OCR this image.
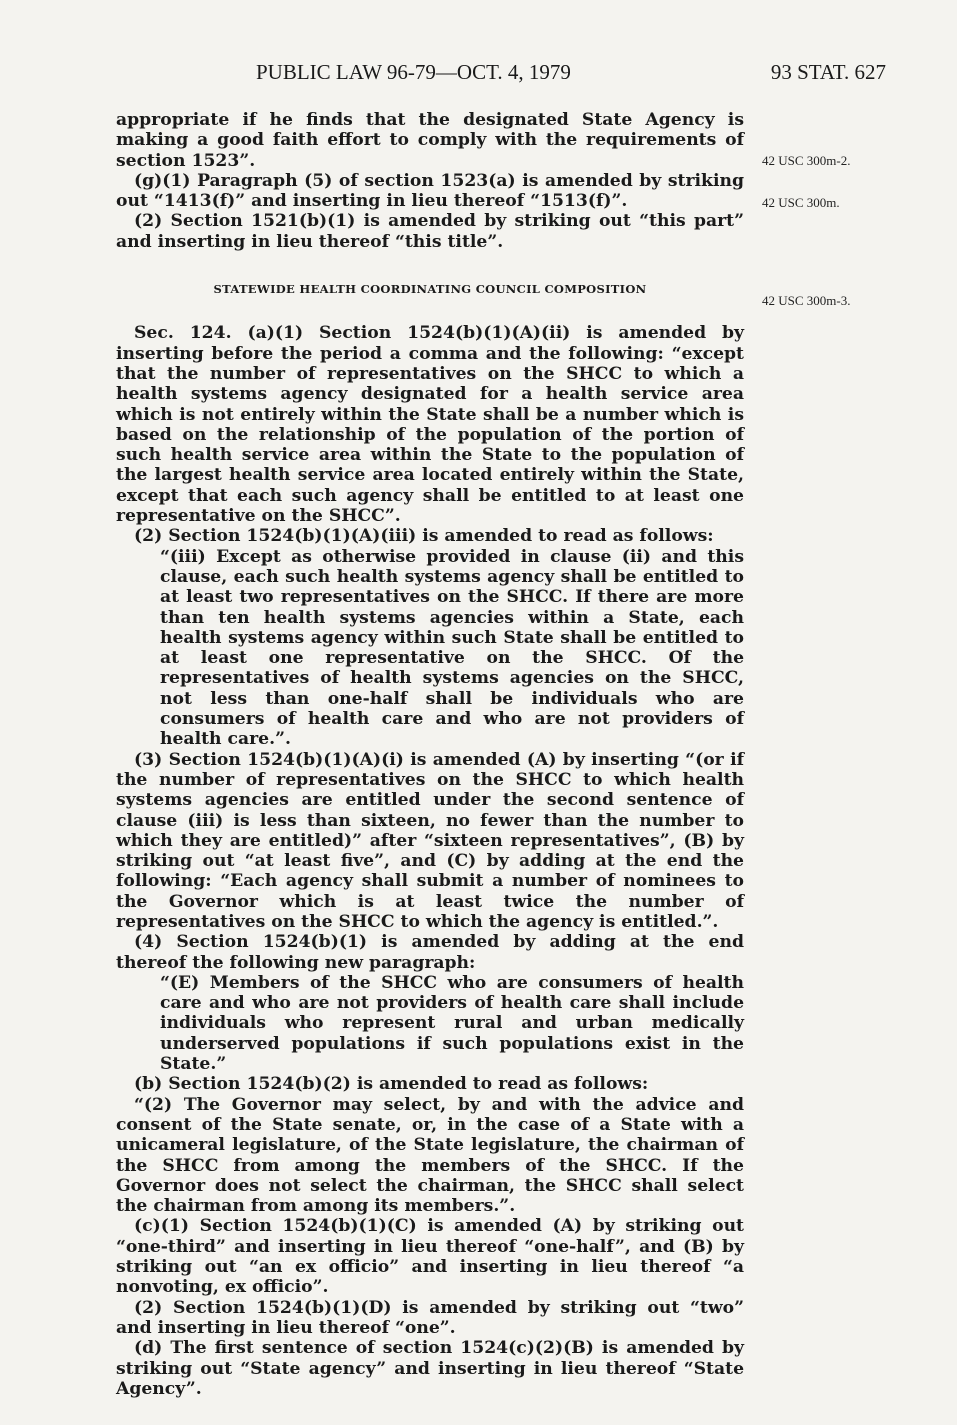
PUBLIC LAW 96-79—OCT. 4, 1979	93 STAT. 627
42 USC 300m-2.
42 USC 300m.
42 USC 300m-3.

appropriate if he finds that the designated State Agency is making a good faith effort to comply with the requirements of section 1523”.

(g)(1) Paragraph (5) of section 1523(a) is amended by striking out “1413(f)” and inserting in lieu thereof “1513(f)”.

(2) Section 1521(b)(1) is amended by striking out “this part” and inserting in lieu thereof “this title”.

STATEWIDE HEALTH COORDINATING COUNCIL COMPOSITION

Sec. 124. (a)(1) Section 1524(b)(1)(A)(ii) is amended by inserting before the period a comma and the following: “except that the number of representatives on the SHCC to which a health systems agency designated for a health service area which is not entirely within the State shall be a number which is based on the relationship of the population of the portion of such health service area within the State to the population of the largest health service area located entirely within the State, except that each such agency shall be entitled to at least one representative on the SHCC”.

(2) Section 1524(b)(1)(A)(iii) is amended to read as follows:

“(iii) Except as otherwise provided in clause (ii) and this clause, each such health systems agency shall be entitled to at least two representatives on the SHCC. If there are more than ten health systems agencies within a State, each health systems agency within such State shall be entitled to at least one representative on the SHCC. Of the representatives of health systems agencies on the SHCC, not less than one-half shall be individuals who are consumers of health care and who are not providers of health care.”.

(3) Section 1524(b)(1)(A)(i) is amended (A) by inserting “(or if the number of representatives on the SHCC to which health systems agencies are entitled under the second sentence of clause (iii) is less than sixteen, no fewer than the number to which they are entitled)” after “sixteen representatives”, (B) by striking out “at least five”, and (C) by adding at the end the following: “Each agency shall submit a number of nominees to the Governor which is at least twice the number of representatives on the SHCC to which the agency is entitled.”.

(4) Section 1524(b)(1) is amended by adding at the end thereof the following new paragraph:

“(E) Members of the SHCC who are consumers of health care and who are not providers of health care shall include individuals who represent rural and urban medically underserved populations if such populations exist in the State.”

(b) Section 1524(b)(2) is amended to read as follows:

“(2) The Governor may select, by and with the advice and consent of the State senate, or, in the case of a State with a unicameral legislature, of the State legislature, the chairman of the SHCC from among the members of the SHCC. If the Governor does not select the chairman, the SHCC shall select the chairman from among its members.”.

(c)(1) Section 1524(b)(1)(C) is amended (A) by striking out “one-third” and inserting in lieu thereof “one-half”, and (B) by striking out “an ex officio” and inserting in lieu thereof “a nonvoting, ex officio”.

(2) Section 1524(b)(1)(D) is amended by striking out “two” and inserting in lieu thereof “one”.

(d) The first sentence of section 1524(c)(2)(B) is amended by striking out “State agency” and inserting in lieu thereof “State Agency”.
